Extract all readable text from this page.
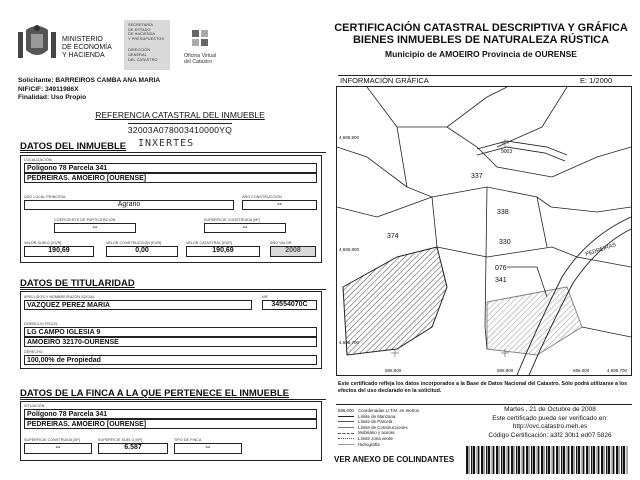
MINISTERIO
DE ECONOMÍA
Y HACIENDA
SECRETARÍA
DE ESTADO
DE HACIENDA
Y PRESUPUESTOS
DIRECCIÓN
GENERAL
DEL CATASTRO
Oficina Virtual
del Catastro
Solicitante: BARREIROS CAMBA ANA MARIA
NIF/CIF: 34911986X
Finalidad: Uso Propio
REFERENCIA CATASTRAL DEL INMUEBLE
32003A078003410000YQ
DATOS DEL INMUEBLE INXERTES
LOCALIZACIÓN
Polígono 78 Parcela 341
PEDREIRAS. AMOEIRO [OURENSE]
USO LOCAL PRINCIPAL
Agrario
AÑO CONSTRUCCIÓN
--
COEFICIENTE DE PARTICIPACIÓN
--
SUPERFICIE CONSTRUIDA [M²]
--
VALOR SUELO [EUR]
190,69
VALOR CONSTRUCCIÓN [EUR]
0,00
VALOR CATASTRAL [EUR]
190,69
AÑO VALOR
2008
DATOS DE TITULARIDAD
APELLIDOS Y NOMBRE/RAZÓN SOCIAL
VAZQUEZ PEREZ MARIA
NIF
34554070C
DOMICILIO FISCAL
LG CAMPO IGLESIA 9
AMOEIRO 32170-OURENSE
DERECHO
100,00% de Propiedad
DATOS DE LA FINCA A LA QUE PERTENECE EL INMUEBLE
SITUACIÓN
Polígono 78 Parcela 341
PEDREIRAS. AMOEIRO [OURENSE]
SUPERFICIE CONSTRUIDA [M²]
--
SUPERFICIE SUELO [M²]
6.587
TIPO DE FINCA
--
CERTIFICACIÓN CATASTRAL DESCRIPTIVA Y GRÁFICA
BIENES INMUEBLES DE NATURALEZA RÚSTICA
Municipio de AMOEIRO Provincia de OURENSE
INFORMACIÓN GRÁFICA	E: 1/2000
4,695,900
4,695,800
4,695,700
4,695,700
585,800	585,900	586,000
337
338
374
330
076
341
9003
PEDREIRAS
Este certificado refleja los datos incorporados a la Base de Datos Nacional del Catastro. Sólo podrá utilizarse a los efectos del uso declarado en la solicitud.
586,000 Coordenadas U.T.M. en metros
Límite de Manzana
Límite de Parcela
Límite de Construcciones
Mobiliario y aceras
Límite zona verde
Hidrografía
Martes , 21 de Octubre de 2008
Este certificado puede ser verificado en:
http://ovc.catastro.meh.es
Código Certificación: a3f2 30b1 ed07 5826
VER ANEXO DE COLINDANTES
